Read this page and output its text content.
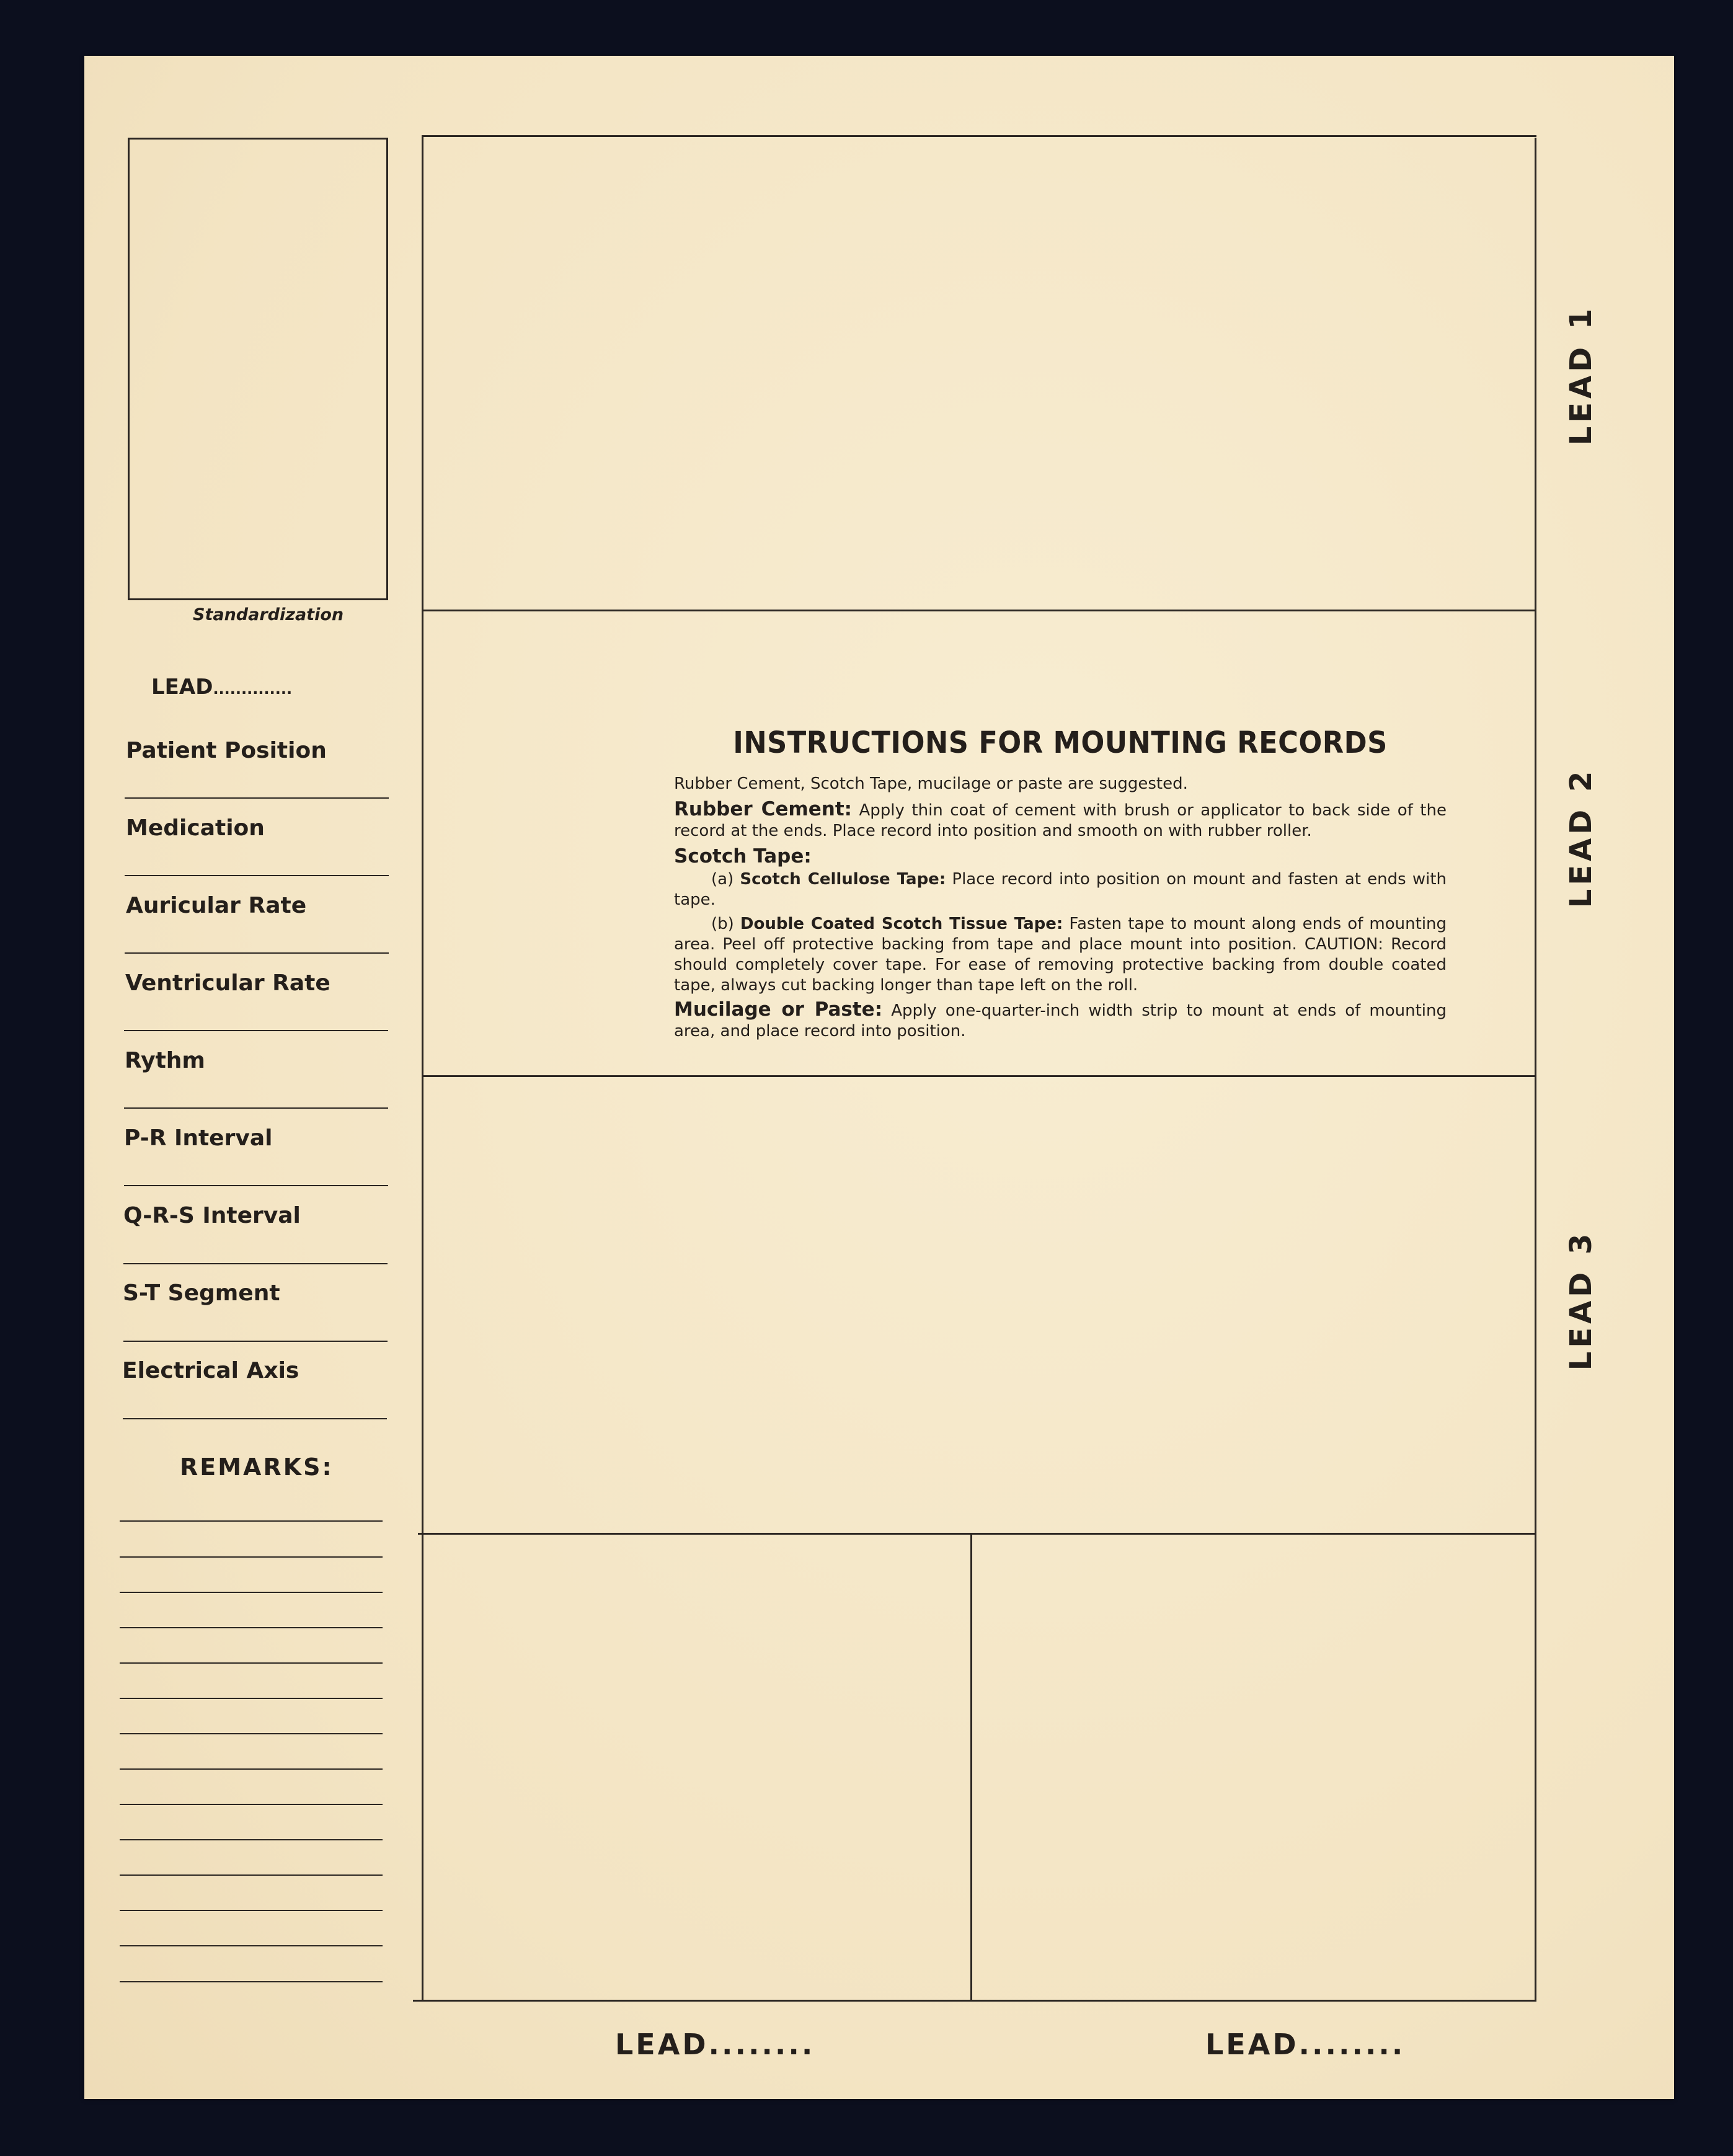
Standardization
LEAD..............
Patient Position
Medication
Auricular Rate
Ventricular Rate
Rythm
P-R Interval
Q-R-S Interval
S-T Segment
Electrical Axis
REMARKS:
LEAD 1
LEAD 2
LEAD 3
INSTRUCTIONS FOR MOUNTING RECORDS

Rubber Cement, Scotch Tape, mucilage or paste are suggested.

Rubber Cement: Apply thin coat of cement with brush or applicator to back side of the record at the ends. Place record into position and smooth on with rubber roller.

Scotch Tape:

(a) Scotch Cellulose Tape: Place record into position on mount and fasten at ends with tape.

(b) Double Coated Scotch Tissue Tape: Fasten tape to mount along ends of mounting area. Peel off protective backing from tape and place mount into position. CAUTION: Record should completely cover tape. For ease of removing protective backing from double coated tape, always cut backing longer than tape left on the roll.

Mucilage or Paste: Apply one-quarter-inch width strip to mount at ends of mounting area, and place record into position.

LEAD........	LEAD........
